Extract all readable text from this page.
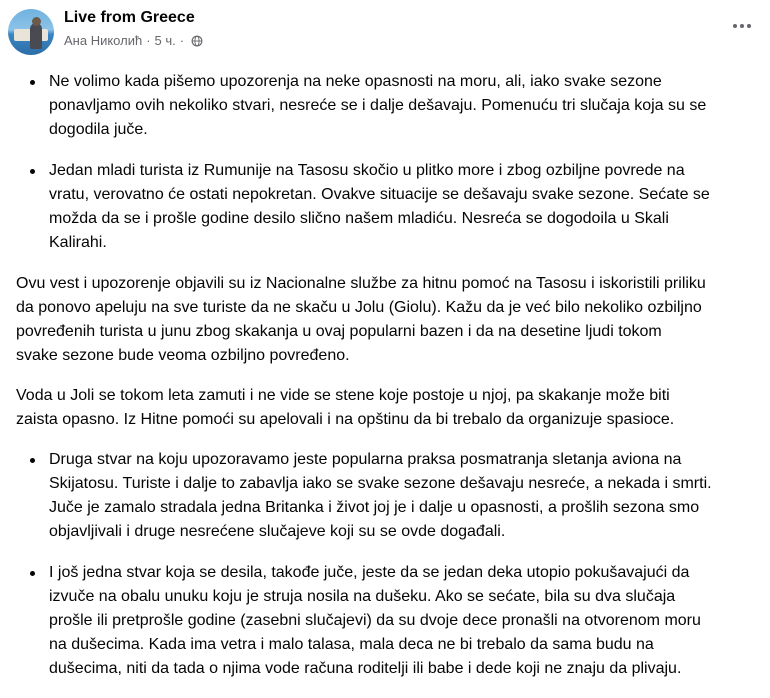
Live from Greece
Ана Николић · 5 ч. ·
Ne volimo kada pišemo upozorenja na neke opasnosti na moru, ali, iako svake sezone
ponavljamo ovih nekoliko stvari, nesreće se i dalje dešavaju. Pomenuću tri slučaja koja su se
dogodila juče.
Jedan mladi turista iz Rumunije na Tasosu skočio u plitko more i zbog ozbiljne povrede na
vratu, verovatno će ostati nepokretan. Ovakve situacije se dešavaju svake sezone. Sećate se
možda da se i prošle godine desilo slično našem mladiću. Nesreća se dogodoila u Skali
Kalirahi.
Ovu vest i upozorenje objavili su iz Nacionalne službe za hitnu pomoć na Tasosu i iskoristili priliku
da ponovo apeluju na sve turiste da ne skaču u Jolu (Giolu). Kažu da je već bilo nekoliko ozbiljno
povređenih turista u junu zbog skakanja u ovaj popularni bazen i da na desetine ljudi tokom
svake sezone bude veoma ozbiljno povređeno.
Voda u Joli se tokom leta zamuti i ne vide se stene koje postoje u njoj, pa skakanje može biti
zaista opasno. Iz Hitne pomoći su apelovali i na opštinu da bi trebalo da organizuje spasioce.
Druga stvar na koju upozoravamo jeste popularna praksa posmatranja sletanja aviona na
Skijatosu. Turiste i dalje to zabavlja iako se svake sezone dešavaju nesreće, a nekada i smrti.
Juče je zamalo stradala jedna Britanka i život joj je i dalje u opasnosti, a prošlih sezona smo
objavljivali i druge nesrećene slučajeve koji su se ovde događali.
I još jedna stvar koja se desila, takođe juče, jeste da se jedan deka utopio pokušavajući da
izvuče na obalu unuku koju je struja nosila na dušeku. Ako se sećate, bila su dva slučaja
prošle ili pretprošle godine (zasebni slučajevi) da su dvoje dece pronašli na otvorenom moru
na dušecima. Kada ima vetra i malo talasa, mala deca ne bi trebalo da sama budu na
dušecima, niti da tada o njima vode računa roditelji ili babe i dede koji ne znaju da plivaju.
